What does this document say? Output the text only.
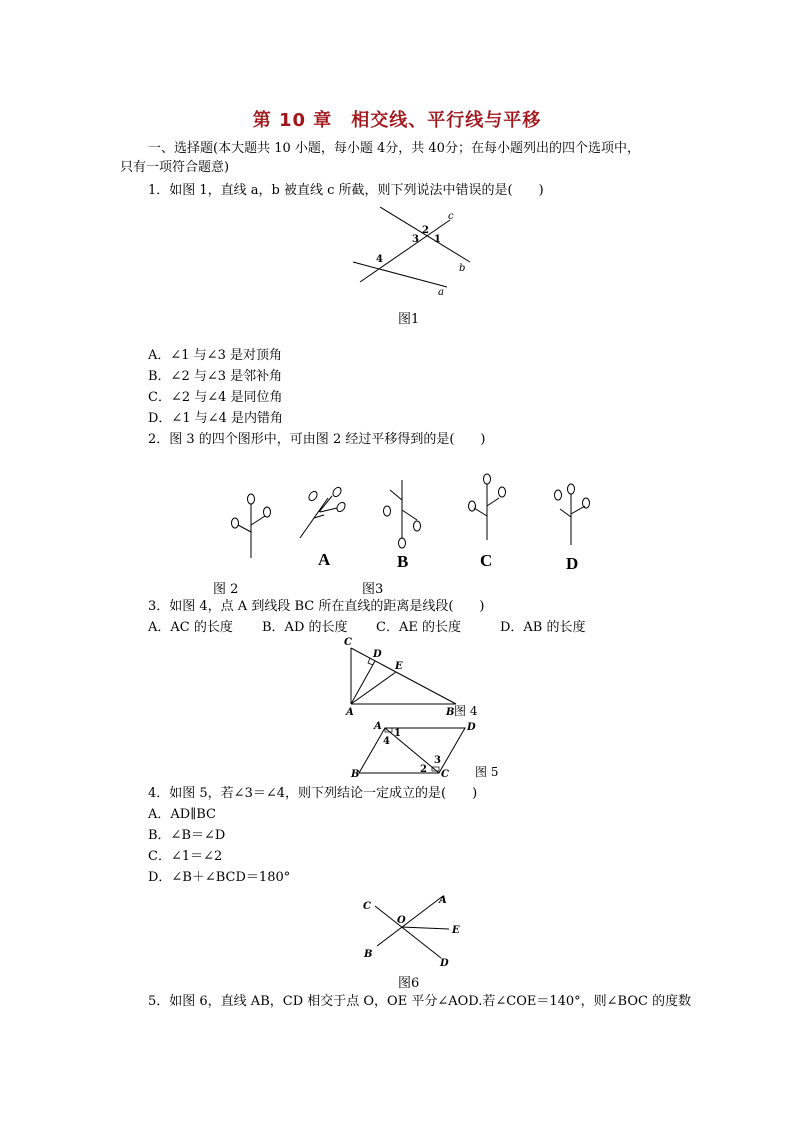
第 10 章　相交线、平行线与平移
一、选择题(本大题共 10 小题，每小题 4分，共 40分；在每小题列出的四个选项中，
只有一项符合题意)
1．如图 1，直线 a，b 被直线 c 所截，则下列说法中错误的是(　　)
c
2
3 1
b
4
a
图1
A．∠1 与∠3 是对顶角
B．∠2 与∠3 是邻补角
C．∠2 与∠4 是同位角
D．∠1 与∠4 是内错角
2．图 3 的四个图形中，可由图 2 经过平移得到的是(　　)
A	B	C	D
图 2	图3
3．如图 4，点 A 到线段 BC 所在直线的距离是线段(　　)
A．AC 的长度 B．AD 的长度 C．AE 的长度	D．AB 的长度
C
D
E
A	B 图 4
A	D
1
4
3
2
B	C 图 5
4．如图 5，若∠3＝∠4，则下列结论一定成立的是(　　)
A．AD∥BC
B．∠B＝∠D
C．∠1＝∠2
D．∠B＋∠BCD＝180°
C
A
O
E
B
D
图6
5．如图 6，直线 AB，CD 相交于点 O，OE 平分∠AOD.若∠COE＝140°，则∠BOC 的度数
